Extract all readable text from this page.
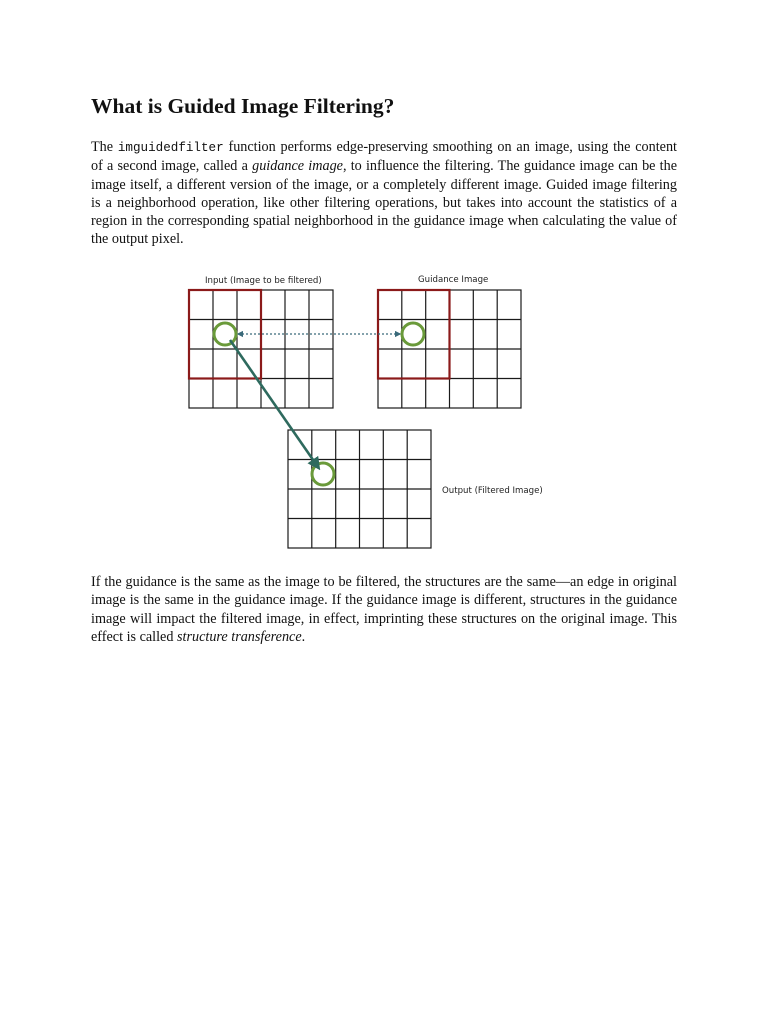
What is Guided Image Filtering?

The imguidedfilter function performs edge-preserving smoothing on an image, using the content of a second image, called a guidance image, to influence the filtering. The guidance image can be the image itself, a different version of the image, or a completely different image. Guided image filtering is a neighborhood operation, like other filtering operations, but takes into account the statistics of a region in the corresponding spatial neighborhood in the guidance image when calculating the value of the output pixel.

Input (Image to be filtered)	Guidance Image
Output (Filtered Image)

If the guidance is the same as the image to be filtered, the structures are the same—an edge in original image is the same in the guidance image. If the guidance image is different, structures in the guidance image will impact the filtered image, in effect, imprinting these structures on the original image. This effect is called structure transference.
